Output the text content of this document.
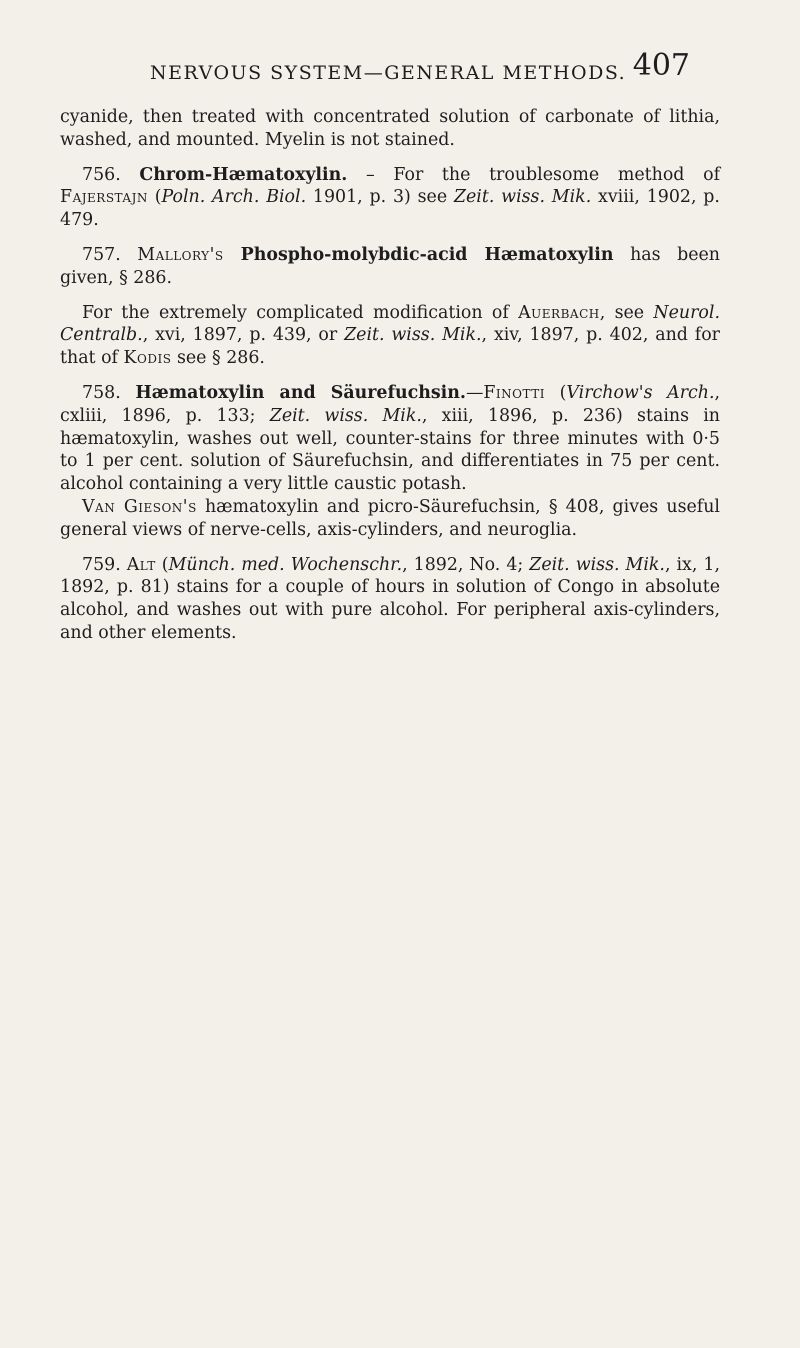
NERVOUS SYSTEM—GENERAL METHODS. 407

cyanide, then treated with concentrated solution of carbonate of lithia, washed, and mounted. Myelin is not stained.

756. Chrom-Hæmatoxylin. – For the troublesome method of Fajerstajn (Poln. Arch. Biol. 1901, p. 3) see Zeit. wiss. Mik. xviii, 1902, p. 479.

757. Mallory's Phospho-molybdic-acid Hæmatoxylin has been given, § 286.

For the extremely complicated modification of Auerbach, see Neurol. Centralb., xvi, 1897, p. 439, or Zeit. wiss. Mik., xiv, 1897, p. 402, and for that of Kodis see § 286.

758. Hæmatoxylin and Säurefuchsin.—Finotti (Virchow's Arch., cxliii, 1896, p. 133; Zeit. wiss. Mik., xiii, 1896, p. 236) stains in hæmatoxylin, washes out well, counter-stains for three minutes with 0·5 to 1 per cent. solution of Säurefuchsin, and differentiates in 75 per cent. alcohol containing a very little caustic potash.

Van Gieson's hæmatoxylin and picro-Säurefuchsin, § 408, gives useful general views of nerve-cells, axis-cylinders, and neuroglia.

759. Alt (Münch. med. Wochenschr., 1892, No. 4; Zeit. wiss. Mik., ix, 1, 1892, p. 81) stains for a couple of hours in solution of Congo in absolute alcohol, and washes out with pure alcohol. For peripheral axis-cylinders, and other elements.
